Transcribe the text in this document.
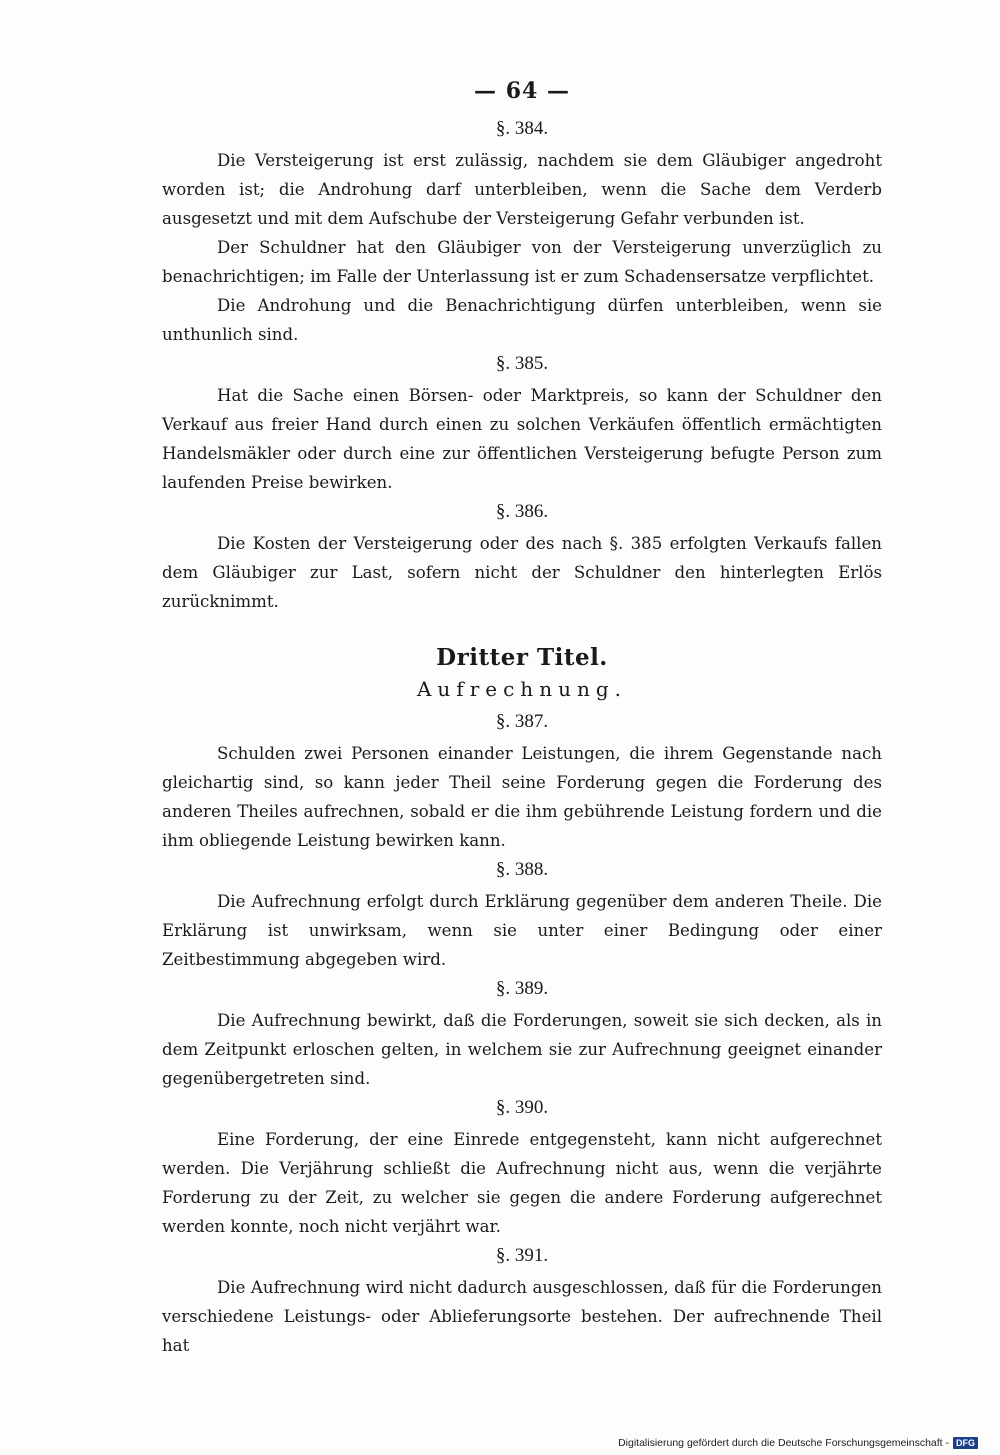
— 64 —
§. 384.

Die Versteigerung ist erst zulässig, nachdem sie dem Gläubiger angedroht worden ist; die Androhung darf unterbleiben, wenn die Sache dem Verderb ausgesetzt und mit dem Aufschube der Versteigerung Gefahr verbunden ist.

Der Schuldner hat den Gläubiger von der Versteigerung unverzüglich zu benachrichtigen; im Falle der Unterlassung ist er zum Schadensersatze verpflichtet.

Die Androhung und die Benachrichtigung dürfen unterbleiben, wenn sie unthunlich sind.

§. 385.

Hat die Sache einen Börsen- oder Marktpreis, so kann der Schuldner den Verkauf aus freier Hand durch einen zu solchen Verkäufen öffentlich ermächtigten Handelsmäkler oder durch eine zur öffentlichen Versteigerung befugte Person zum laufenden Preise bewirken.

§. 386.

Die Kosten der Versteigerung oder des nach §. 385 erfolgten Verkaufs fallen dem Gläubiger zur Last, sofern nicht der Schuldner den hinterlegten Erlös zurücknimmt.

Dritter Titel.
Aufrechnung.
§. 387.

Schulden zwei Personen einander Leistungen, die ihrem Gegenstande nach gleichartig sind, so kann jeder Theil seine Forderung gegen die Forderung des anderen Theiles aufrechnen, sobald er die ihm gebührende Leistung fordern und die ihm obliegende Leistung bewirken kann.

§. 388.

Die Aufrechnung erfolgt durch Erklärung gegenüber dem anderen Theile. Die Erklärung ist unwirksam, wenn sie unter einer Bedingung oder einer Zeitbestimmung abgegeben wird.

§. 389.

Die Aufrechnung bewirkt, daß die Forderungen, soweit sie sich decken, als in dem Zeitpunkt erloschen gelten, in welchem sie zur Aufrechnung geeignet einander gegenübergetreten sind.

§. 390.

Eine Forderung, der eine Einrede entgegensteht, kann nicht aufgerechnet werden. Die Verjährung schließt die Aufrechnung nicht aus, wenn die verjährte Forderung zu der Zeit, zu welcher sie gegen die andere Forderung aufgerechnet werden konnte, noch nicht verjährt war.

§. 391.

Die Aufrechnung wird nicht dadurch ausgeschlossen, daß für die Forderungen verschiedene Leistungs- oder Ablieferungsorte bestehen. Der aufrechnende Theil hat

Digitalisierung gefördert durch die Deutsche Forschungsgemeinschaft - DFG
